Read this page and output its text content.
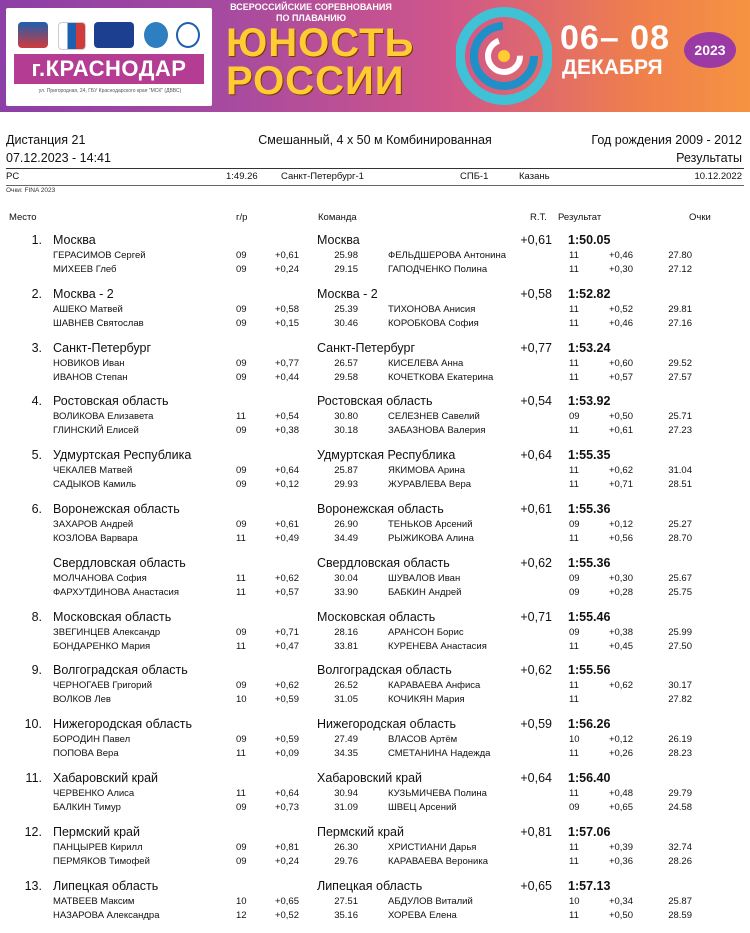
г.КРАСНОДАР
ул. Пригородная, 24, ГБУ Краснодарского края "МСК" (ДВВС)
ВСЕРОССИЙСКИЕ СОРЕВНОВАНИЯ ПО ПЛАВАНИЮ
ЮНОСТЬ РОССИИ
06– 08
ДЕКАБРЯ
2023
Дистанция 21	Смешанный, 4 x 50 м Комбинированная	Год рождения 2009 - 2012
07.12.2023 - 14:41	Результаты
PC	1:49.26 Санкт-Петербург-1	СПБ-1	Казань	10.12.2022
Очки: FINA 2023
Место	г/р	Команда	R.T. Результат	Очки
1. Москва	Москва	+0,61 1:50.05
ГЕРАСИМОВ Сергей	09	+0,61	25.98	ФЕЛЬДШЕРОВА Антонина	11	+0,46	27.80
МИХЕЕВ Глеб	09	+0,24	29.15	ГАПОДЧЕНКО Полина	11	+0,30	27.12
2. Москва - 2	Москва - 2	+0,58 1:52.82
АШЕКО Матвей	09	+0,58	25.39	ТИХОНОВА Анисия	11	+0,52	29.81
ШАВНЕВ Святослав	09	+0,15	30.46	КОРОБКОВА София	11	+0,46	27.16
3. Санкт-Петербург	Санкт-Петербург	+0,77 1:53.24
НОВИКОВ Иван	09	+0,77	26.57	КИСЕЛЕВА Анна	11	+0,60	29.52
ИВАНОВ Степан	09	+0,44	29.58	КОЧЕТКОВА Екатерина	11	+0,57	27.57
4. Ростовская область	Ростовская область	+0,54 1:53.92
ВОЛИКОВА Елизавета	11	+0,54	30.80	СЕЛЕЗНЕВ Савелий	09	+0,50	25.71
ГЛИНСКИЙ Елисей	09	+0,38	30.18	ЗАБАЗНОВА Валерия	11	+0,61	27.23
5. Удмуртская Республика	Удмуртская Республика	+0,64 1:55.35
ЧЕКАЛЕВ Матвей	09	+0,64	25.87	ЯКИМОВА Арина	11	+0,62	31.04
САДЫКОВ Камиль	09	+0,12	29.93	ЖУРАВЛЕВА Вера	11	+0,71	28.51
6. Воронежская область	Воронежская область	+0,61 1:55.36
ЗАХАРОВ Андрей	09	+0,61	26.90	ТЕНЬКОВ Арсений	09	+0,12	25.27
КОЗЛОВА Варвара	11	+0,49	34.49	РЫЖИКОВА Алина	11	+0,56	28.70
Свердловская область	Свердловская область	+0,62 1:55.36
МОЛЧАНОВА София	11	+0,62	30.04	ШУВАЛОВ Иван	09	+0,30	25.67
ФАРХУТДИНОВА Анастасия	11	+0,57	33.90	БАБКИН Андрей	09	+0,28	25.75
8. Московская область	Московская область	+0,71 1:55.46
ЗВЕГИНЦЕВ Александр	09	+0,71	28.16	АРАНСОН Борис	09	+0,38	25.99
БОНДАРЕНКО Мария	11	+0,47	33.81	КУРЕНЕВА Анастасия	11	+0,45	27.50
9. Волгоградская область	Волгоградская область	+0,62 1:55.56
ЧЕРНОГАЕВ Григорий	09	+0,62	26.52	КАРАВАЕВА Анфиса	11	+0,62	30.17
ВОЛКОВ Лев	10	+0,59	31.05	КОЧИКЯН Мария	11	27.82
10. Нижегородская область	Нижегородская область	+0,59 1:56.26
БОРОДИН Павел	09	+0,59	27.49	ВЛАСОВ Артём	10	+0,12	26.19
ПОПОВА Вера	11	+0,09	34.35	СМЕТАНИНА Надежда	11	+0,26	28.23
11. Хабаровский край	Хабаровский край	+0,64 1:56.40
ЧЕРВЕНКО Алиса	11	+0,64	30.94	КУЗЬМИЧЕВА Полина	11	+0,48	29.79
БАЛКИН Тимур	09	+0,73	31.09	ШВЕЦ Арсений	09	+0,65	24.58
12. Пермский край	Пермский край	+0,81 1:57.06
ПАНЦЫРЕВ Кирилл	09	+0,81	26.30	ХРИСТИАНИ Дарья	11	+0,39	32.74
ПЕРМЯКОВ Тимофей	09	+0,24	29.76	КАРАВАЕВА Вероника	11	+0,36	28.26
13. Липецкая область	Липецкая область	+0,65 1:57.13
МАТВЕЕВ Максим	10	+0,65	27.51	АБДУЛОВ Виталий	10	+0,34	25.87
НАЗАРОВА Александра	12	+0,52	35.16	ХОРЕВА Елена	11	+0,50	28.59
